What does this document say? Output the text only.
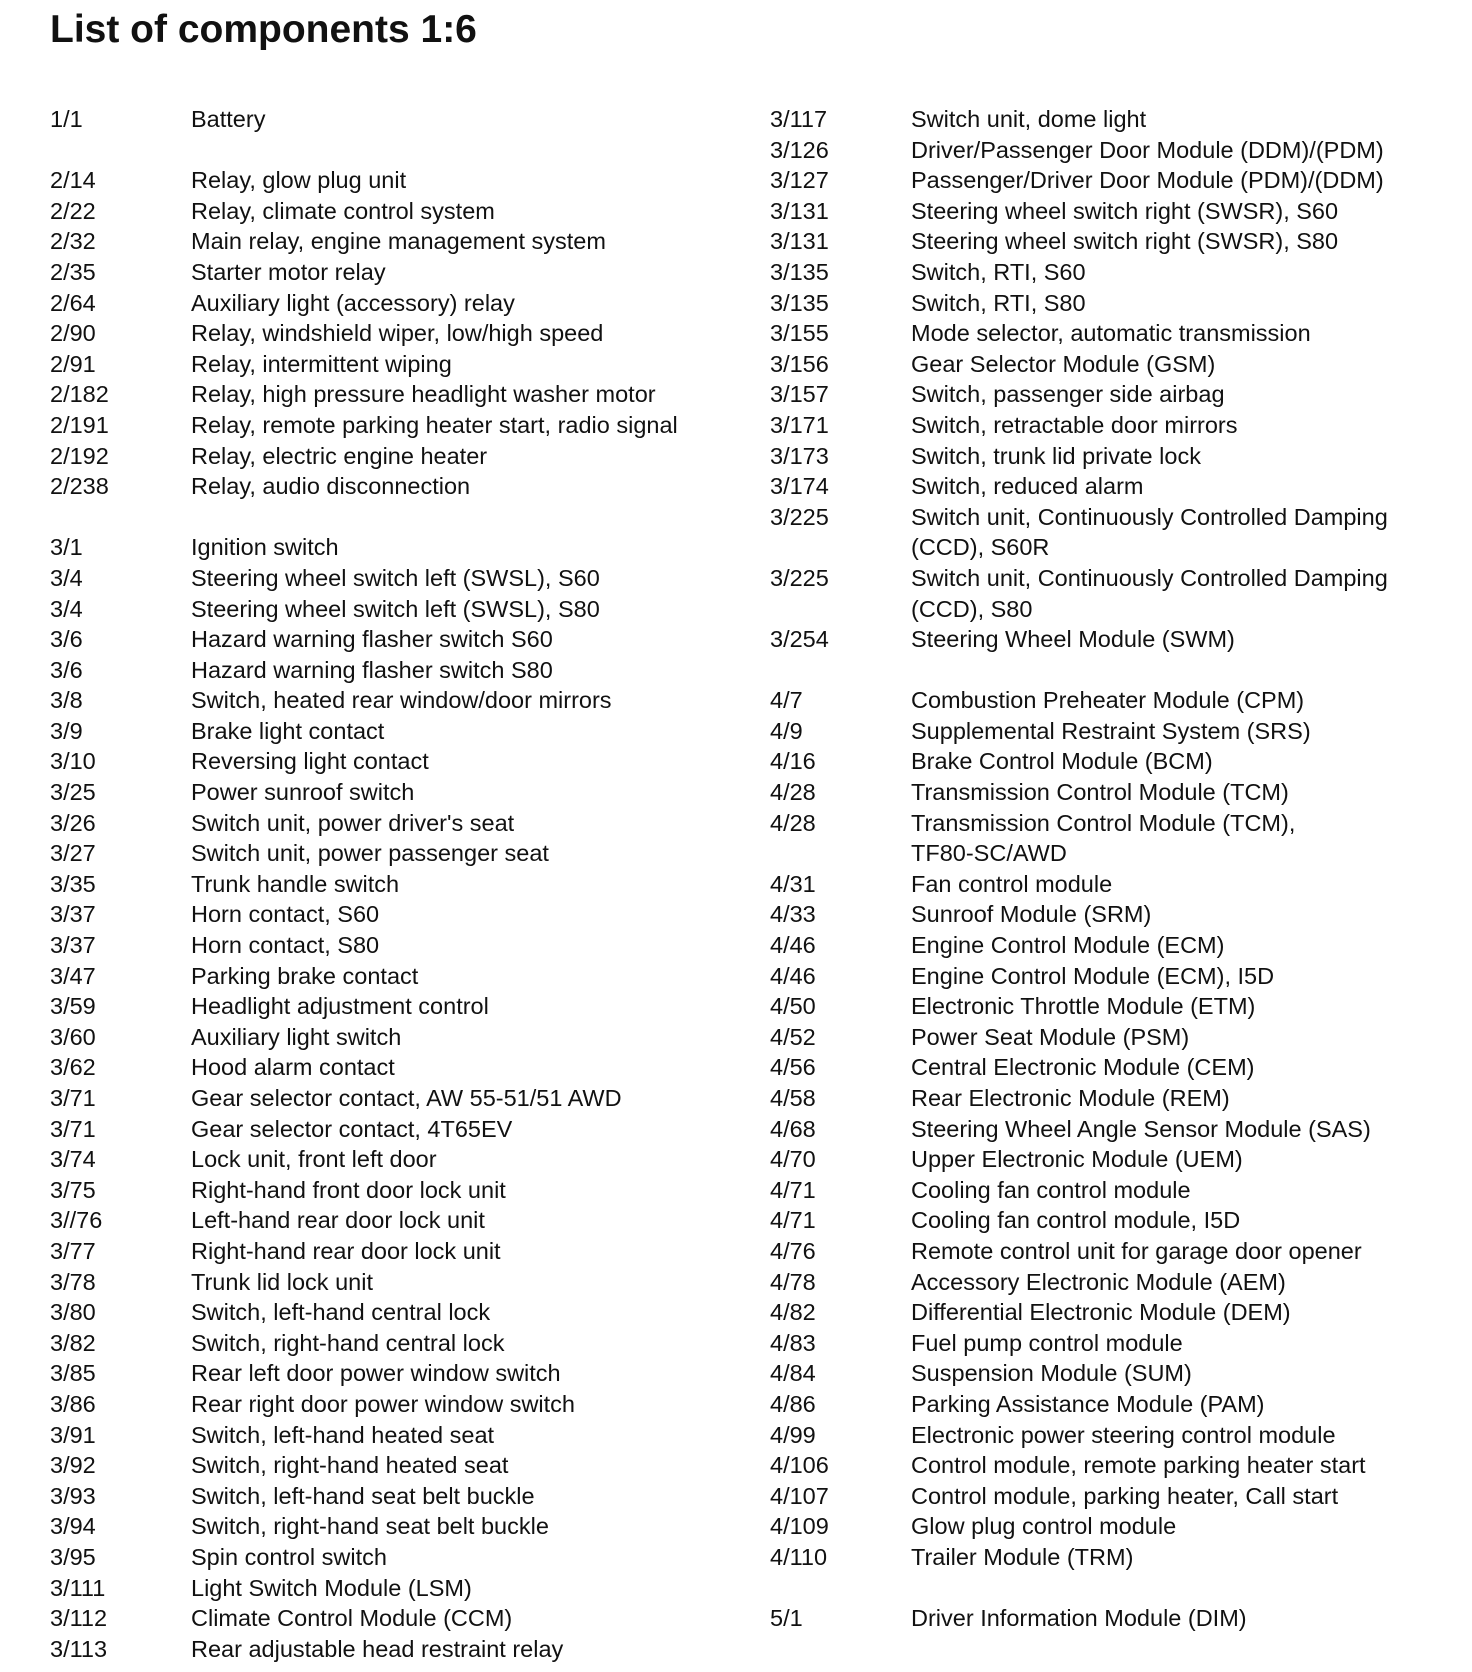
List of components 1:6
1/1	Battery
2/14	Relay, glow plug unit
2/22	Relay, climate control system
2/32	Main relay, engine management system
2/35	Starter motor relay
2/64	Auxiliary light (accessory) relay
2/90	Relay, windshield wiper, low/high speed
2/91	Relay, intermittent wiping
2/182	Relay, high pressure headlight washer motor
2/191	Relay, remote parking heater start, radio signal
2/192	Relay, electric engine heater
2/238	Relay, audio disconnection
3/1	Ignition switch
3/4	Steering wheel switch left (SWSL), S60
3/4	Steering wheel switch left (SWSL), S80
3/6	Hazard warning flasher switch S60
3/6	Hazard warning flasher switch S80
3/8	Switch, heated rear window/door mirrors
3/9	Brake light contact
3/10	Reversing light contact
3/25	Power sunroof switch
3/26	Switch unit, power driver's seat
3/27	Switch unit, power passenger seat
3/35	Trunk handle switch
3/37	Horn contact, S60
3/37	Horn contact, S80
3/47	Parking brake contact
3/59	Headlight adjustment control
3/60	Auxiliary light switch
3/62	Hood alarm contact
3/71	Gear selector contact, AW 55-51/51 AWD
3/71	Gear selector contact, 4T65EV
3/74	Lock unit, front left door
3/75	Right-hand front door lock unit
3//76	Left-hand rear door lock unit
3/77	Right-hand rear door lock unit
3/78	Trunk lid lock unit
3/80	Switch, left-hand central lock
3/82	Switch, right-hand central lock
3/85	Rear left door power window switch
3/86	Rear right door power window switch
3/91	Switch, left-hand heated seat
3/92	Switch, right-hand heated seat
3/93	Switch, left-hand seat belt buckle
3/94	Switch, right-hand seat belt buckle
3/95	Spin control switch
3/111	Light Switch Module (LSM)
3/112	Climate Control Module (CCM)
3/113	Rear adjustable head restraint relay
3/117	Switch unit, dome light
3/126	Driver/Passenger Door Module (DDM)/(PDM)
3/127	Passenger/Driver Door Module (PDM)/(DDM)
3/131	Steering wheel switch right (SWSR), S60
3/131	Steering wheel switch right (SWSR), S80
3/135	Switch, RTI, S60
3/135	Switch, RTI, S80
3/155	Mode selector, automatic transmission
3/156	Gear Selector Module (GSM)
3/157	Switch, passenger side airbag
3/171	Switch, retractable door mirrors
3/173	Switch, trunk lid private lock
3/174	Switch, reduced alarm
3/225	Switch unit, Continuously Controlled Damping
(CCD), S60R
3/225	Switch unit, Continuously Controlled Damping
(CCD), S80
3/254	Steering Wheel Module (SWM)
4/7	Combustion Preheater Module (CPM)
4/9	Supplemental Restraint System (SRS)
4/16	Brake Control Module (BCM)
4/28	Transmission Control Module (TCM)
4/28	Transmission Control Module (TCM),
TF80-SC/AWD
4/31	Fan control module
4/33	Sunroof Module (SRM)
4/46	Engine Control Module (ECM)
4/46	Engine Control Module (ECM), I5D
4/50	Electronic Throttle Module (ETM)
4/52	Power Seat Module (PSM)
4/56	Central Electronic Module (CEM)
4/58	Rear Electronic Module (REM)
4/68	Steering Wheel Angle Sensor Module (SAS)
4/70	Upper Electronic Module (UEM)
4/71	Cooling fan control module
4/71	Cooling fan control module, I5D
4/76	Remote control unit for garage door opener
4/78	Accessory Electronic Module (AEM)
4/82	Differential Electronic Module (DEM)
4/83	Fuel pump control module
4/84	Suspension Module (SUM)
4/86	Parking Assistance Module (PAM)
4/99	Electronic power steering control module
4/106	Control module, remote parking heater start
4/107	Control module, parking heater, Call start
4/109	Glow plug control module
4/110	Trailer Module (TRM)
5/1	Driver Information Module (DIM)
